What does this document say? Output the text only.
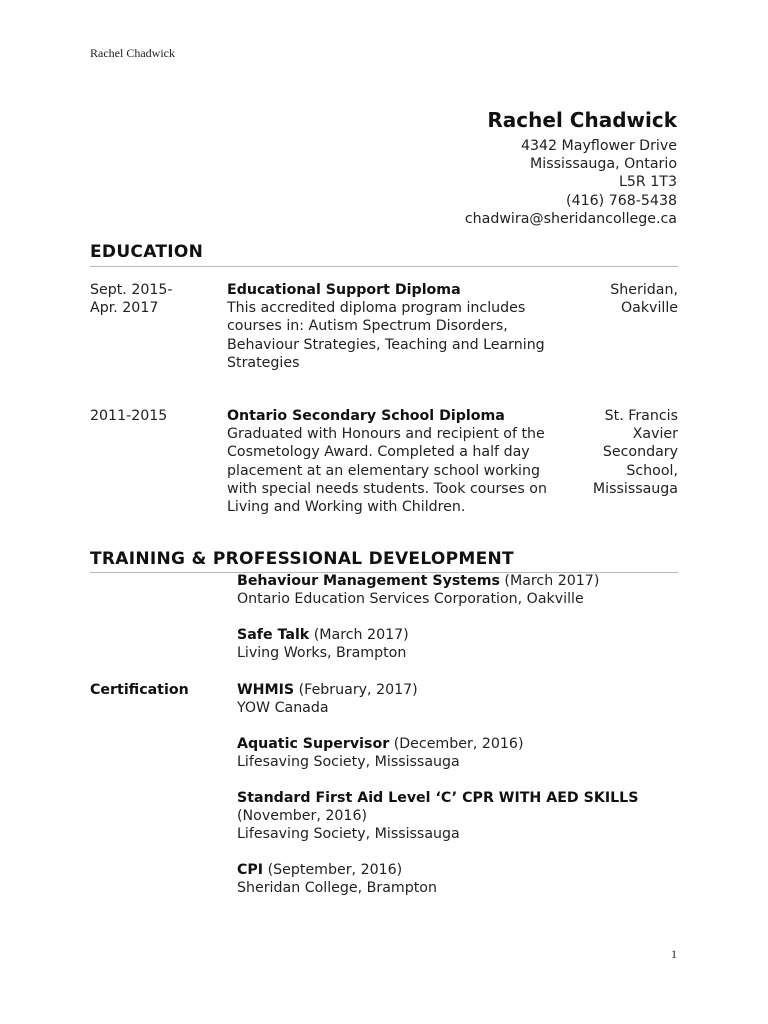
Rachel Chadwick
Rachel Chadwick
4342 Mayflower Drive
Mississauga, Ontario
L5R 1T3
(416) 768-5438
chadwira@sheridancollege.ca
EDUCATION
Sept. 2015-
Apr. 2017
Educational Support Diploma
This accredited diploma program includes courses in: Autism Spectrum Disorders, Behaviour Strategies, Teaching and Learning Strategies
Sheridan,
Oakville
2011-2015	Ontario Secondary School Diploma
Graduated with Honours and recipient of the Cosmetology Award. Completed a half day placement at an elementary school working with special needs students. Took courses on Living and Working with Children.
St. Francis
Xavier
Secondary
School,
Mississauga
TRAINING & PROFESSIONAL DEVELOPMENT
Behaviour Management Systems (March 2017)
Ontario Education Services Corporation, Oakville
Safe Talk (March 2017)
Living Works, Brampton
Certification	WHMIS (February, 2017)
YOW Canada
Aquatic Supervisor (December, 2016)
Lifesaving Society, Mississauga
Standard First Aid Level ‘C’ CPR WITH AED SKILLS
(November, 2016)
Lifesaving Society, Mississauga
CPI (September, 2016)
Sheridan College, Brampton
1
